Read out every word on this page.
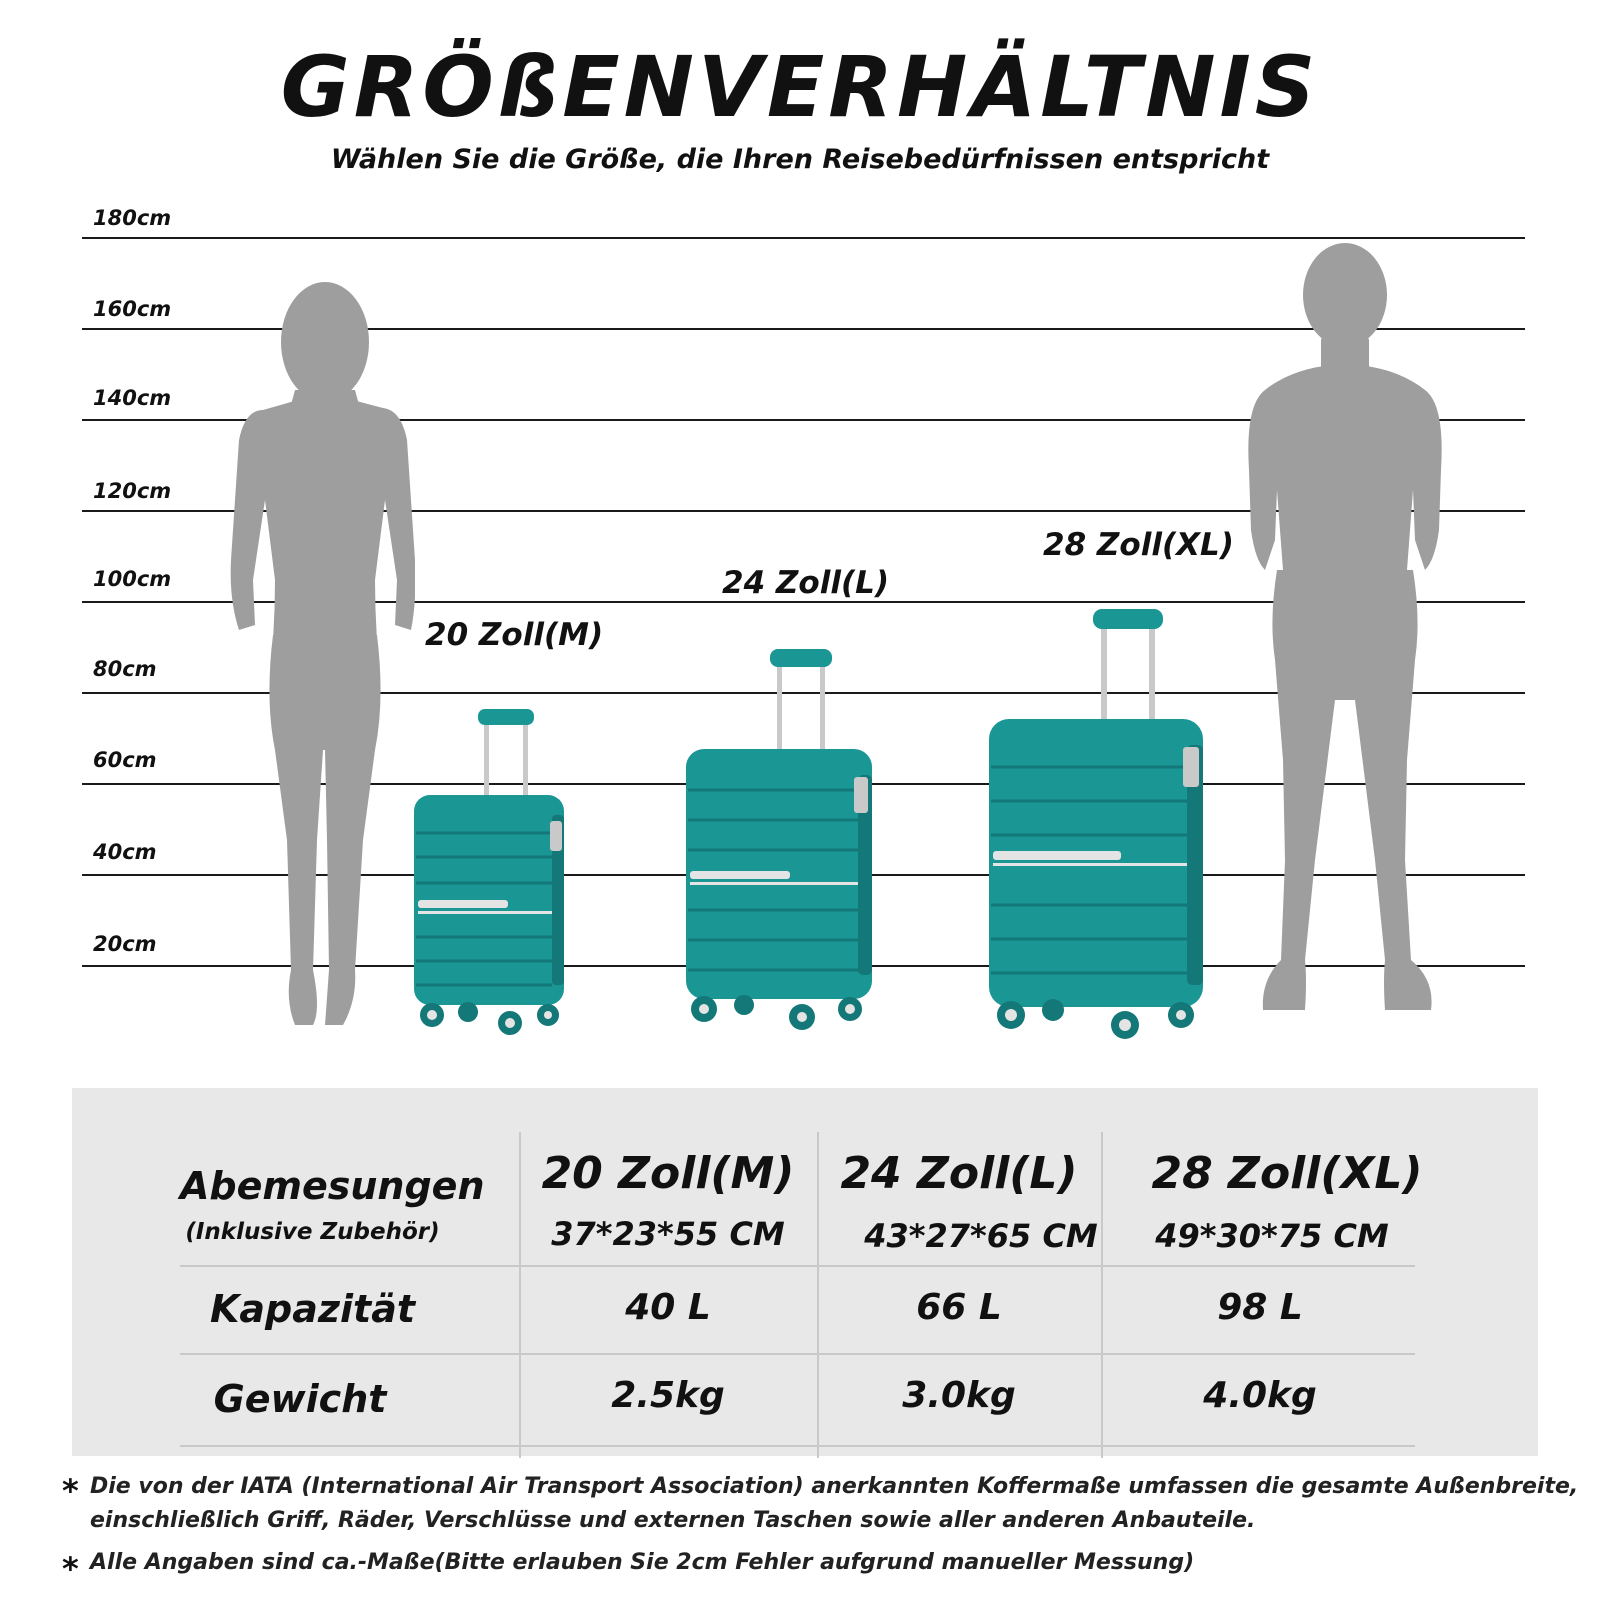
GRÖßENVERHÄLTNIS
Wählen Sie die Größe, die Ihren Reisebedürfnissen entspricht
180cm
160cm
140cm
120cm
100cm
80cm
60cm
40cm
20cm
20 Zoll(M)
24 Zoll(L)
28 Zoll(XL)
Abemesungen
(Inklusive Zubehör)
Kapazität
Gewicht
20 Zoll(M)
37*23*55 CM
40 L
2.5kg
24 Zoll(L)
43*27*65 CM
66 L
3.0kg
28 Zoll(XL)
49*30*75 CM
98 L
4.0kg
* Die von der IATA (International Air Transport Association) anerkannten Koffermaße umfassen die gesamte Außenbreite,
einschließlich Griff, Räder, Verschlüsse und externen Taschen sowie aller anderen Anbauteile.
* Alle Angaben sind ca.-Maße(Bitte erlauben Sie 2cm Fehler aufgrund manueller Messung)
